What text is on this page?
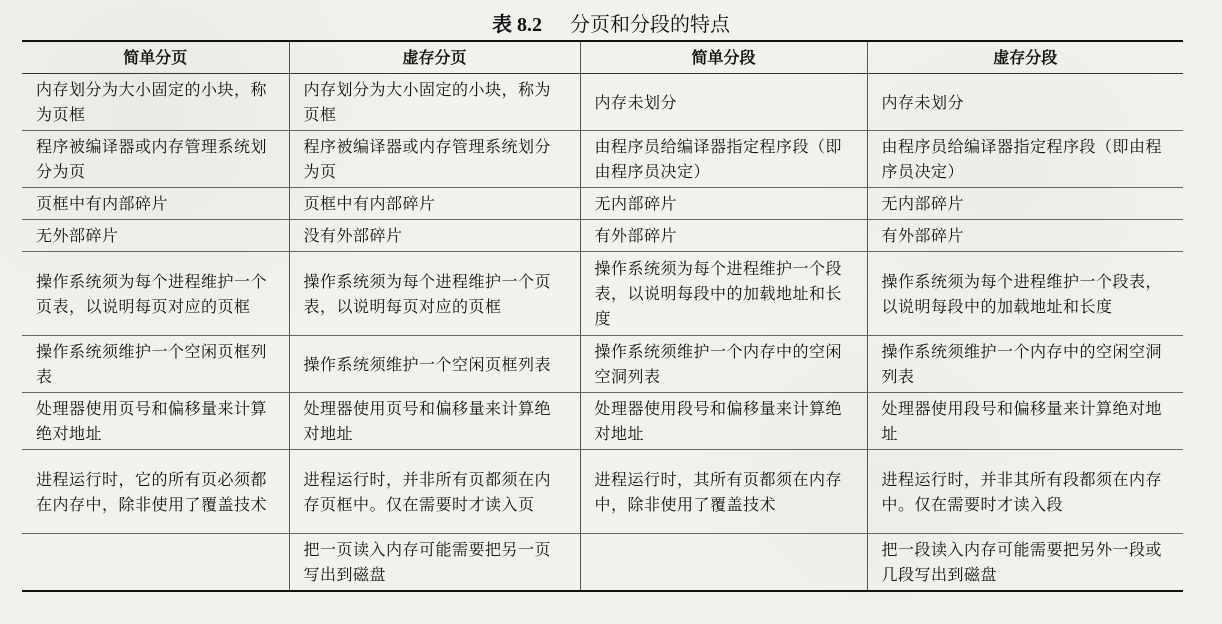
表 8.2 分页和分段的特点
简单分页	虚存分页	简单分段	虚存分段
内存划分为大小固定的小块，称为页框	内存划分为大小固定的小块，称为页框	内存未划分	内存未划分
程序被编译器或内存管理系统划分为页	程序被编译器或内存管理系统划分为页	由程序员给编译器指定程序段（即由程序员决定）	由程序员给编译器指定程序段（即由程序员决定）
页框中有内部碎片	页框中有内部碎片	无内部碎片	无内部碎片
无外部碎片	没有外部碎片	有外部碎片	有外部碎片
操作系统须为每个进程维护一个页表，以说明每页对应的页框	操作系统须为每个进程维护一个页表，以说明每页对应的页框	操作系统须为每个进程维护一个段表，以说明每段中的加载地址和长度	操作系统须为每个进程维护一个段表，以说明每段中的加载地址和长度
操作系统须维护一个空闲页框列表	操作系统须维护一个空闲页框列表	操作系统须维护一个内存中的空闲空洞列表	操作系统须维护一个内存中的空闲空洞列表
处理器使用页号和偏移量来计算绝对地址	处理器使用页号和偏移量来计算绝对地址	处理器使用段号和偏移量来计算绝对地址	处理器使用段号和偏移量来计算绝对地址
进程运行时，它的所有页必须都在内存中，除非使用了覆盖技术	进程运行时，并非所有页都须在内存页框中。仅在需要时才读入页	进程运行时，其所有页都须在内存中，除非使用了覆盖技术	进程运行时，并非其所有段都须在内存中。仅在需要时才读入段
	把一页读入内存可能需要把另一页写出到磁盘		把一段读入内存可能需要把另外一段或几段写出到磁盘
